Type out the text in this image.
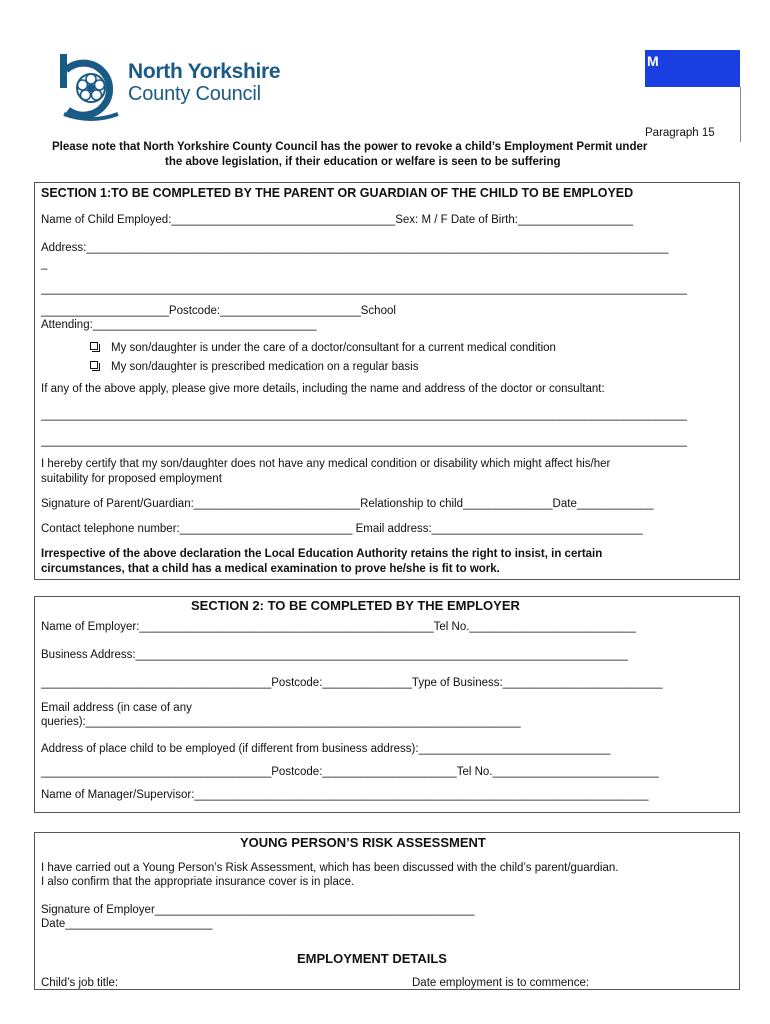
North Yorkshire
County Council
M
Paragraph 15
Please note that North Yorkshire County Council has the power to revoke a child’s Employment Permit under
the above legislation, if their education or welfare is seen to be suffering
SECTION 1:TO BE COMPLETED BY THE PARENT OR GUARDIAN OF THE CHILD TO BE EMPLOYED
Name of Child Employed:___________________________________Sex: M / F Date of Birth:__________________
Address:___________________________________________________________________________________________
_
_____________________________________________________________________________________________________
____________________Postcode:______________________School
Attending:___________________________________
My son/daughter is under the care of a doctor/consultant for a current medical condition
My son/daughter is prescribed medication on a regular basis
If any of the above apply, please give more details, including the name and address of the doctor or consultant:
_____________________________________________________________________________________________________
_____________________________________________________________________________________________________
I hereby certify that my son/daughter does not have any medical condition or disability which might affect his/her
suitability for proposed employment
Signature of Parent/Guardian:__________________________Relationship to child______________Date____________
Contact telephone number:___________________________ Email address:_________________________________
Irrespective of the above declaration the Local Education Authority retains the right to insist, in certain
circumstances, that a child has a medical examination to prove he/she is fit to work.
SECTION 2: TO BE COMPLETED BY THE EMPLOYER
Name of Employer:______________________________________________Tel No.__________________________
Business Address:_____________________________________________________________________________
____________________________________Postcode:______________Type of Business:_________________________
Email address (in case of any
queries):____________________________________________________________________
Address of place child to be employed (if different from business address):______________________________
____________________________________Postcode:_____________________Tel No.__________________________
Name of Manager/Supervisor:_______________________________________________________________________
YOUNG PERSON’S RISK ASSESSMENT
I have carried out a Young Person’s Risk Assessment, which has been discussed with the child’s parent/guardian.
I also confirm that the appropriate insurance cover is in place.
Signature of Employer__________________________________________________
Date_______________________
EMPLOYMENT DETAILS
Child’s job title:	Date employment is to commence:
